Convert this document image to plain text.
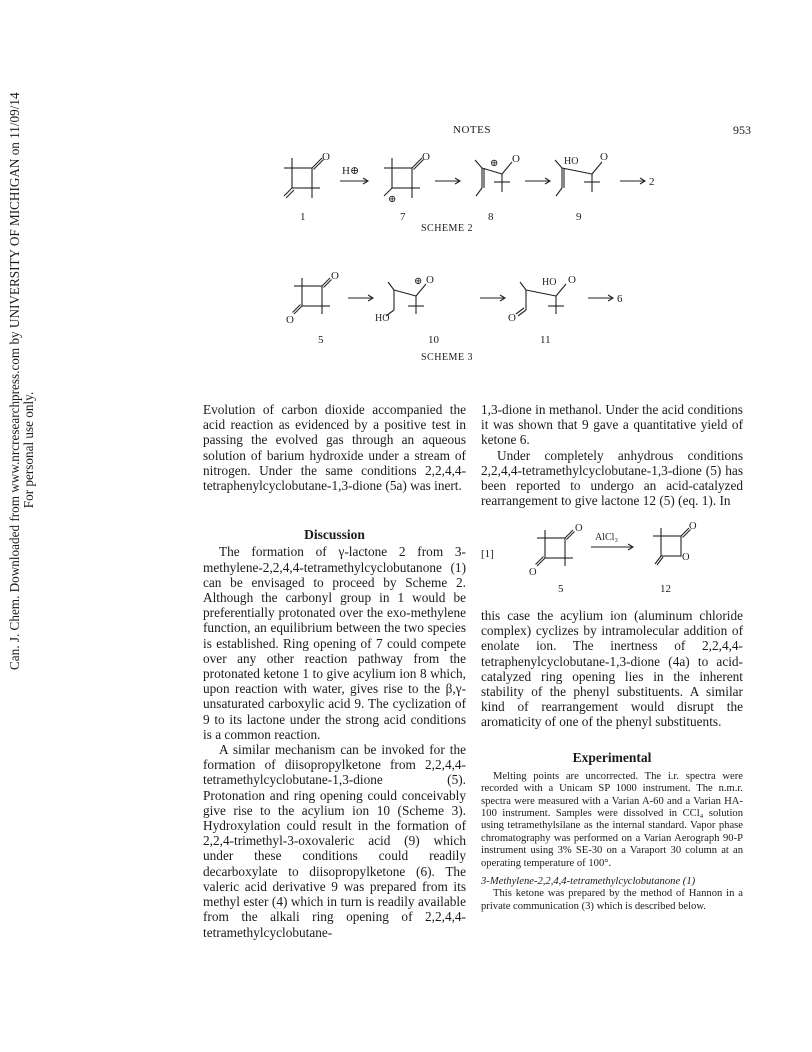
Can. J. Chem. Downloaded from www.nrcresearchpress.com by UNIVERSITY OF MICHIGAN on 11/09/14 For personal use only.
NOTES	953
O
1
H⊕
O
⊕
7
⊕ O
8
HO O
9
2
SCHEME 2
O
O	HO
⊕ O
O
HO O
6
5	10	11
SCHEME 3

Evolution of carbon dioxide accompanied the acid reaction as evidenced by a positive test in passing the evolved gas through an aqueous solution of barium hydroxide under a stream of nitrogen. Under the same conditions 2,2,4,4-tetraphenylcyclobutane-1,3-dione (5a) was inert.

Discussion

The formation of γ-lactone 2 from 3-methylene-2,2,4,4-tetramethylcyclobutanone (1) can be envisaged to proceed by Scheme 2. Although the carbonyl group in 1 would be preferentially protonated over the exo-methylene function, an equilibrium between the two species is established. Ring opening of 7 could compete over any other reaction pathway from the protonated ketone 1 to give acylium ion 8 which, upon reaction with water, gives rise to the β,γ-unsaturated carboxylic acid 9. The cyclization of 9 to its lactone under the strong acid conditions is a common reaction.

A similar mechanism can be invoked for the formation of diisopropylketone from 2,2,4,4-tetramethylcyclobutane-1,3-dione (5). Protonation and ring opening could conceivably give rise to the acylium ion 10 (Scheme 3). Hydroxylation could result in the formation of 2,2,4-trimethyl-3-oxovaleric acid (9) which under these conditions could readily decarboxylate to diisopropylketone (6). The valeric acid derivative 9 was prepared from its methyl ester (4) which in turn is readily available from the alkali ring opening of 2,2,4,4-tetramethylcyclobutane-

1,3-dione in methanol. Under the acid conditions it was shown that 9 gave a quantitative yield of ketone 6.

Under completely anhydrous conditions 2,2,4,4-tetramethylcyclobutane-1,3-dione (5) has been reported to undergo an acid-catalyzed rearrangement to give lactone 12 (5) (eq. 1). In

[1]
O
O
AlCl₃
O
O
5	12

this case the acylium ion (aluminum chloride complex) cyclizes by intramolecular addition of enolate ion. The inertness of 2,2,4,4-tetraphenylcyclobutane-1,3-dione (4a) to acid-catalyzed ring opening lies in the inherent stability of the phenyl substituents. A similar kind of rearrangement would disrupt the aromaticity of one of the phenyl substituents.

Experimental

Melting points are uncorrected. The i.r. spectra were recorded with a Unicam SP 1000 instrument. The n.m.r. spectra were measured with a Varian A-60 and a Varian HA-100 instrument. Samples were dissolved in CCl₄ solution using tetramethylsilane as the internal standard. Vapor phase chromatography was performed on a Varian Aerograph 90-P instrument using 3% SE-30 on a Varaport 30 column at an operating temperature of 100°.

3-Methylene-2,2,4,4-tetramethylcyclobutanone (1)

This ketone was prepared by the method of Hannon in a private communication (3) which is described below.
